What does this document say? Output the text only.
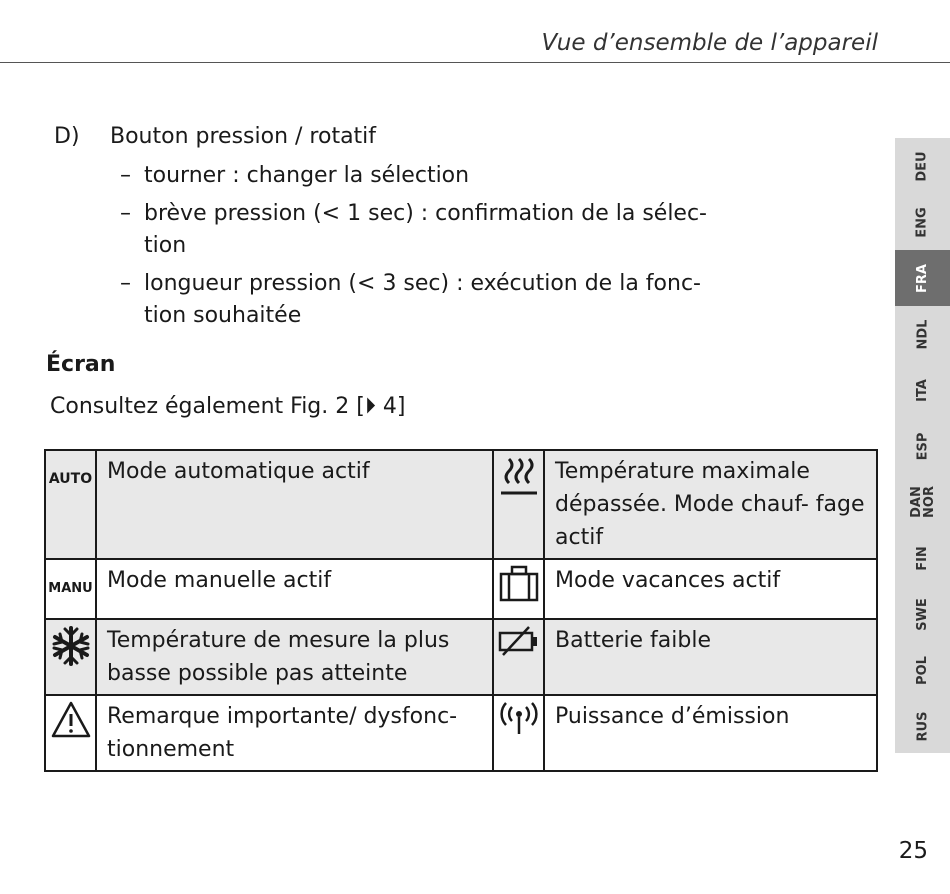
Vue d’ensemble de l’appareil
D) Bouton pression / rotatif
– tourner : changer la sélection
– brève pression (< 1 sec) : confirmation de la sélec- tion
– longueur pression (< 3 sec) : exécution de la fonc- tion souhaitée
Écran
Consultez également Fig. 2 [⏵ 4]
AUTO	Mode automatique actif		Température maximale dépassée. Mode chauf- fage actif
MANU	Mode manuelle actif		Mode vacances actif
	Température de mesure la plus basse possible pas atteinte		Batterie faible
	Remarque importante/ dysfonc- tionnement		Puissance d’émission
DEU
ENG
FRA
NDL
ITA
ESP
DAN NOR
FIN
SWE
POL
RUS
25
